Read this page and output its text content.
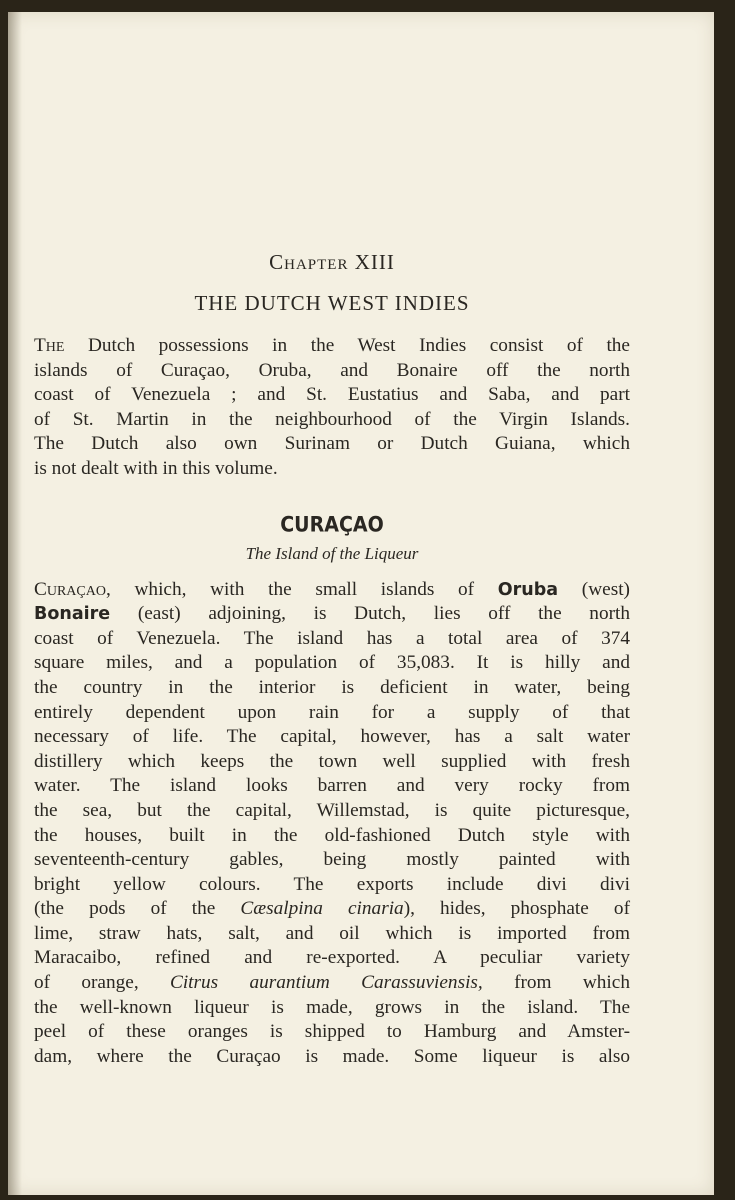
Chapter XIII
THE DUTCH WEST INDIES
The Dutch possessions in the West Indies consist of the
islands of Curaçao, Oruba, and Bonaire off the north
coast of Venezuela ; and St. Eustatius and Saba, and part
of St. Martin in the neighbourhood of the Virgin Islands.
The Dutch also own Surinam or Dutch Guiana, which
is not dealt with in this volume.
CURAÇAO
The Island of the Liqueur
Curaçao, which, with the small islands of Oruba (west)
Bonaire (east) adjoining, is Dutch, lies off the north
coast of Venezuela. The island has a total area of 374
square miles, and a population of 35,083. It is hilly and
the country in the interior is deficient in water, being
entirely dependent upon rain for a supply of that
necessary of life. The capital, however, has a salt water
distillery which keeps the town well supplied with fresh
water. The island looks barren and very rocky from
the sea, but the capital, Willemstad, is quite picturesque,
the houses, built in the old-fashioned Dutch style with
seventeenth-century gables, being mostly painted with
bright yellow colours. The exports include divi divi
(the pods of the Cæsalpina cinaria), hides, phosphate of
lime, straw hats, salt, and oil which is imported from
Maracaibo, refined and re-exported. A peculiar variety
of orange, Citrus aurantium Carassuviensis, from which
the well-known liqueur is made, grows in the island. The
peel of these oranges is shipped to Hamburg and Amster-
dam, where the Curaçao is made. Some liqueur is also
